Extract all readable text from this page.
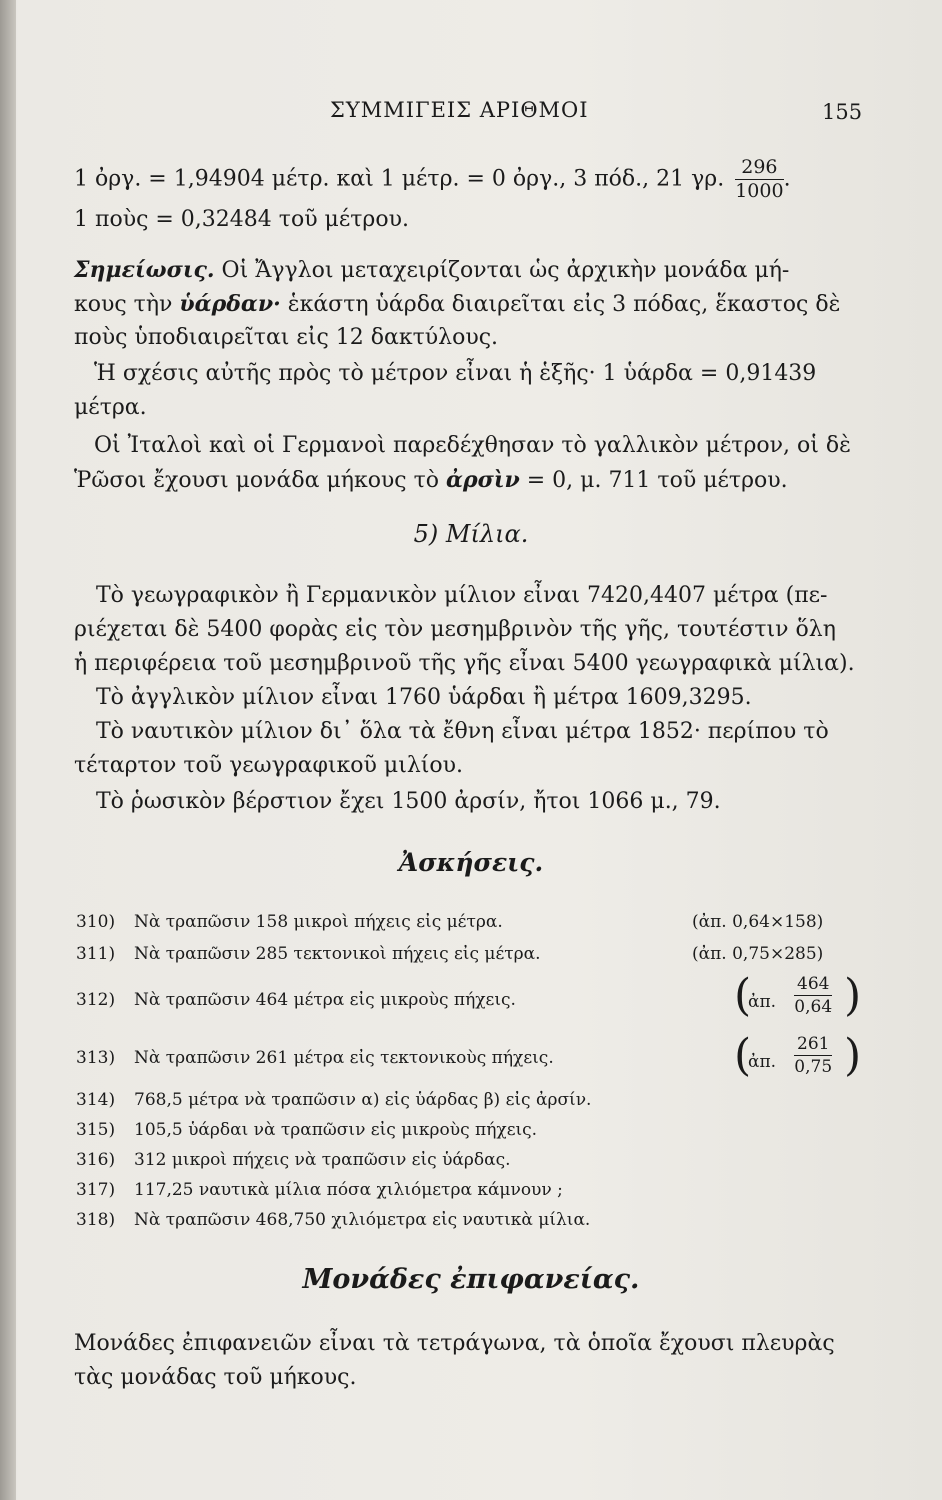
ΣΥΜΜΙΓΕΙΣ ΑΡΙΘΜΟΙ	155
1 ὀργ. = 1,94904 μέτρ. καὶ 1 μέτρ. = 0 ὀργ., 3 πόδ., 21 γρ. $\frac{296}{1000}$ .
1 ποὺς = 0,32484 τοῦ μέτρου.
Σημείωσις. Οἱ Ἄγγλοι μεταχειρίζονται ὡς ἀρχικὴν μονάδα μή-
κους τὴν ὑάρδαν· ἑκάστη ὑάρδα διαιρεῖται εἰς 3 πόδας, ἕκαστος δὲ
ποὺς ὑποδιαιρεῖται εἰς 12 δακτύλους.
Ἡ σχέσις αὐτῆς πρὸς τὸ μέτρον εἶναι ἡ ἑξῆς· 1 ὑάρδα = 0,91439
μέτρα.
Οἱ Ἰταλοὶ καὶ οἱ Γερμανοὶ παρεδέχθησαν τὸ γαλλικὸν μέτρον, οἱ δὲ
Ῥῶσοι ἔχουσι μονάδα μήκους τὸ ἀρσὶν = 0, μ. 711 τοῦ μέτρου.
5) Μίλια.
Τὸ γεωγραφικὸν ἢ Γερμανικὸν μίλιον εἶναι 7420,4407 μέτρα (πε-
ριέχεται δὲ 5400 φορὰς εἰς τὸν μεσημβρινὸν τῆς γῆς, τουτέστιν ὅλη
ἡ περιφέρεια τοῦ μεσημβρινοῦ τῆς γῆς εἶναι 5400 γεωγραφικὰ μίλια).
Τὸ ἀγγλικὸν μίλιον εἶναι 1760 ὑάρδαι ἢ μέτρα 1609,3295.
Τὸ ναυτικὸν μίλιον δι᾽ ὅλα τὰ ἔθνη εἶναι μέτρα 1852· περίπου τὸ
τέταρτον τοῦ γεωγραφικοῦ μιλίου.
Τὸ ῥωσικὸν βέρστιον ἔχει 1500 ἀρσίν, ἤτοι 1066 μ., 79.
Ἀσκήσεις.
310) Νὰ τραπῶσιν 158 μικροὶ πήχεις εἰς μέτρα.	(ἀπ. 0,64×158)
311) Νὰ τραπῶσιν 285 τεκτονικοὶ πήχεις εἰς μέτρα.	(ἀπ. 0,75×285)
312) Νὰ τραπῶσιν 464 μέτρα εἰς μικροὺς πήχεις.	(
ἀπ. $\frac{464}{0,64}$ )
313) Νὰ τραπῶσιν 261 μέτρα εἰς τεκτονικοὺς πήχεις.	(
ἀπ. $\frac{261}{0,75}$ )
314) 768,5 μέτρα νὰ τραπῶσιν α) εἰς ὑάρδας β) εἰς ἀρσίν.
315) 105,5 ὑάρδαι νὰ τραπῶσιν εἰς μικροὺς πήχεις.
316) 312 μικροὶ πήχεις νὰ τραπῶσιν εἰς ὑάρδας.
317) 117,25 ναυτικὰ μίλια πόσα χιλιόμετρα κάμνουν ;
318) Νὰ τραπῶσιν 468,750 χιλιόμετρα εἰς ναυτικὰ μίλια.
Μονάδες ἐπιφανείας.
Μονάδες ἐπιφανειῶν εἶναι τὰ τετράγωνα, τὰ ὁποῖα ἔχουσι πλευρὰς
τὰς μονάδας τοῦ μήκους.
